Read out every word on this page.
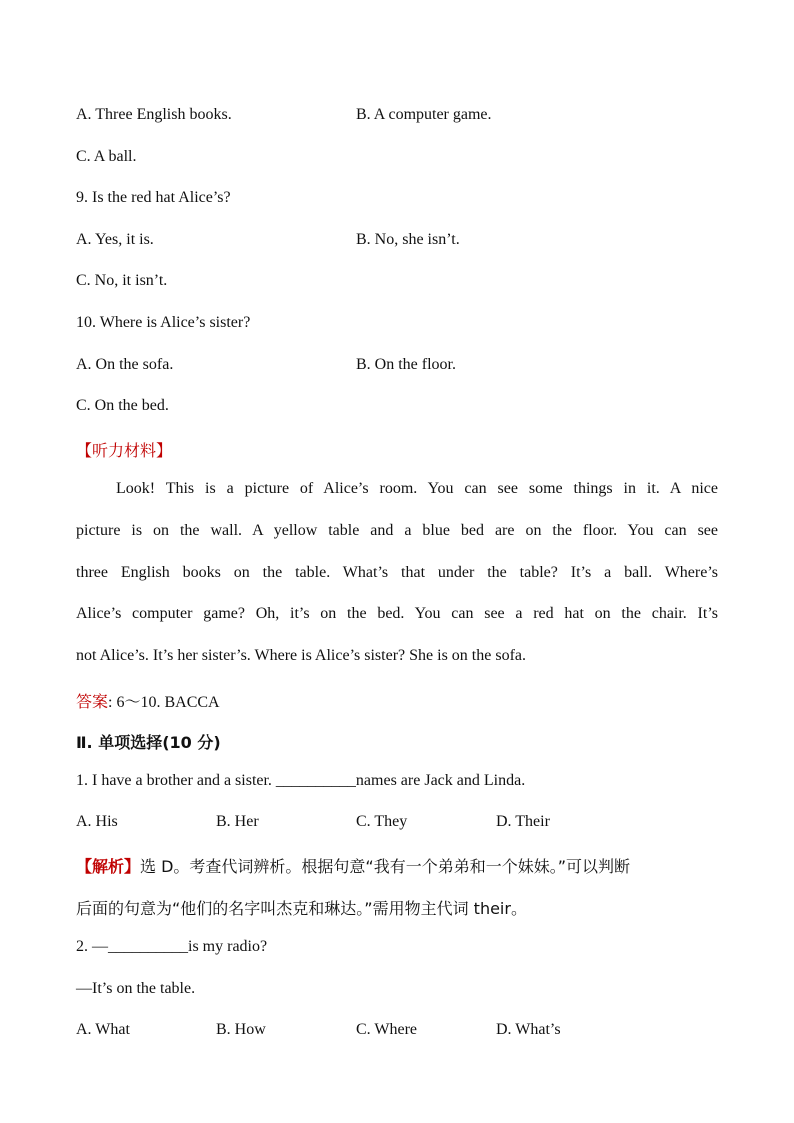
A. Three English books.	B. A computer game.
C. A ball.
9. Is the red hat Alice’s?
A. Yes, it is.	B. No, she isn’t.
C. No, it isn’t.
10. Where is Alice’s sister?
A. On the sofa.	B. On the floor.
C. On the bed.
【听力材料】
Look! This is a picture of Alice’s room. You can see some things in it. A nice
picture is on the wall. A yellow table and a blue bed are on the floor. You can see
three English books on the table. What’s that under the table? It’s a ball. Where’s
Alice’s computer game? Oh, it’s on the bed. You can see a red hat on the chair. It’s
not Alice’s. It’s her sister’s. Where is Alice’s sister? She is on the sofa.
答案: 6～10. BACCA
Ⅱ. 单项选择(10 分)
1. I have a brother and a sister. __________names are Jack and Linda.
A. His	B. Her	C. They	D. Their
【解析】选 D。考查代词辨析。根据句意“我有一个弟弟和一个妹妹。”可以判断
后面的句意为“他们的名字叫杰克和琳达。”需用物主代词 their。
2. —__________is my radio?
—It’s on the table.
A. What	B. How	C. Where	D. What’s
